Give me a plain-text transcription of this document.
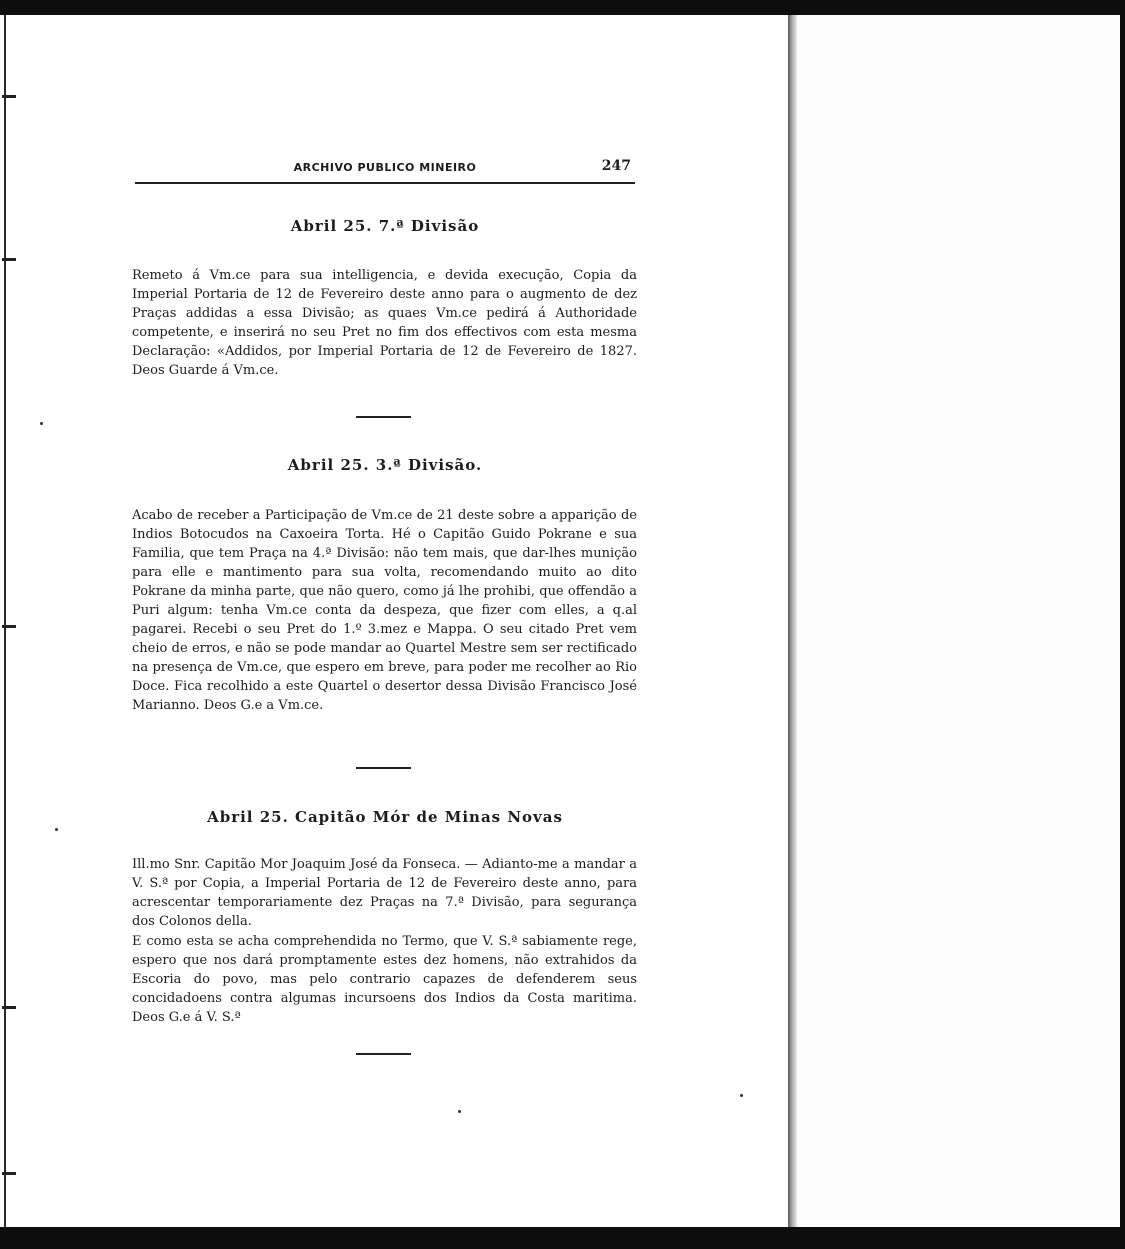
ARCHIVO PUBLICO MINEIRO	247
Abril 25. 7.ª Divisão

Remeto á Vm.ce para sua intelligencia, e devida execução, Copia da Imperial Portaria de 12 de Fevereiro deste anno para o augmento de dez Praças addidas a essa Divisão; as quaes Vm.ce pedirá á Authoridade competente, e inserirá no seu Pret no fim dos effectivos com esta mesma Declaração: «Addidos, por Imperial Portaria de 12 de Fevereiro de 1827. Deos Guarde á Vm.ce.

Abril 25. 3.ª Divisão.

Acabo de receber a Participação de Vm.ce de 21 deste sobre a apparição de Indios Botocudos na Caxoeira Torta. Hé o Capitão Guido Pokrane e sua Familia, que tem Praça na 4.ª Divisão: não tem mais, que dar-lhes munição para elle e mantimento para sua volta, recomendando muito ao dito Pokrane da minha parte, que não quero, como já lhe prohibi, que offendão a Puri algum: tenha Vm.ce conta da despeza, que fizer com elles, a q.al pagarei. Recebi o seu Pret do 1.º 3.mez e Mappa. O seu citado Pret vem cheio de erros, e não se pode mandar ao Quartel Mestre sem ser rectificado na presença de Vm.ce, que espero em breve, para poder me recolher ao Rio Doce. Fica recolhido a este Quartel o desertor dessa Divisão Francisco José Marianno. Deos G.e a Vm.ce.

Abril 25. Capitão Mór de Minas Novas

Ill.mo Snr. Capitão Mor Joaquim José da Fonseca. — Adianto-me a mandar a V. S.ª por Copia, a Imperial Portaria de 12 de Fevereiro deste anno, para acrescentar temporariamente dez Praças na 7.ª Divisão, para segurança dos Colonos della.

E como esta se acha comprehendida no Termo, que V. S.ª sabiamente rege, espero que nos dará promptamente estes dez homens, não extrahidos da Escoria do povo, mas pelo contrario capazes de defenderem seus concidadoens contra algumas incursoens dos Indios da Costa maritima. Deos G.e á V. S.ª
